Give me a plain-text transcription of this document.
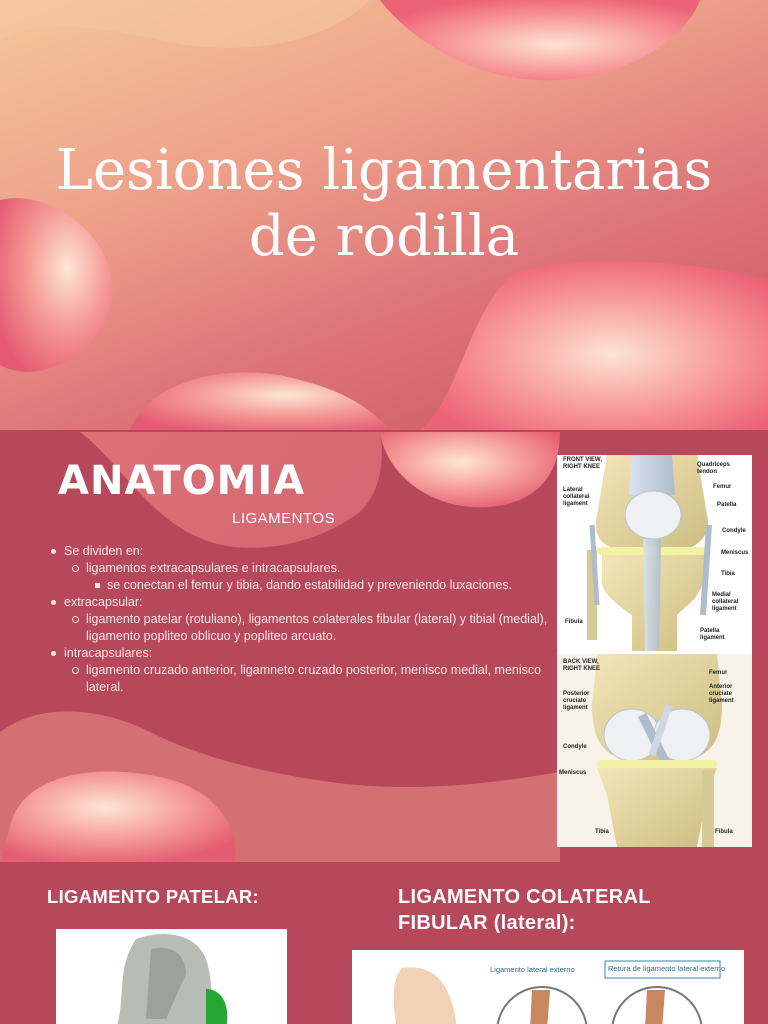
Lesiones ligamentarias
de rodilla
FRONT VIEW,
RIGHT KNEE	Quadriceps
tendon
Femur
Lateral
collateral
ligament	Patella
Condyle
Meniscus
Tibia
Medial
collateral
ligament
Fibula
Patella
ligament
BACK VIEW,
RIGHT KNEE
Femur
Posterior
cruciate
ligament
Anterior
cruciate
ligament
Condyle
Meniscus
Tibia	Fibula
ANATOMIA
LIGAMENTOS
Se dividen en:
ligamentos extracapsulares e intracapsulares.
se conectan el femur y tibia, dando estabilidad y preveniendo luxaciones.
extracapsular:
ligamento patelar (rotuliano), ligamentos colaterales fibular (lateral) y tibial (medial), ligamento popliteo oblicuo y popliteo arcuato.
intracapsulares:
ligamento cruzado anterior, ligamneto cruzado posterior, menisco medial, menisco lateral.
Ligamento lateral externo	Retura de ligamento lateral externo
LIGAMENTO PATELAR:	LIGAMENTO COLATERAL
FIBULAR (lateral):
